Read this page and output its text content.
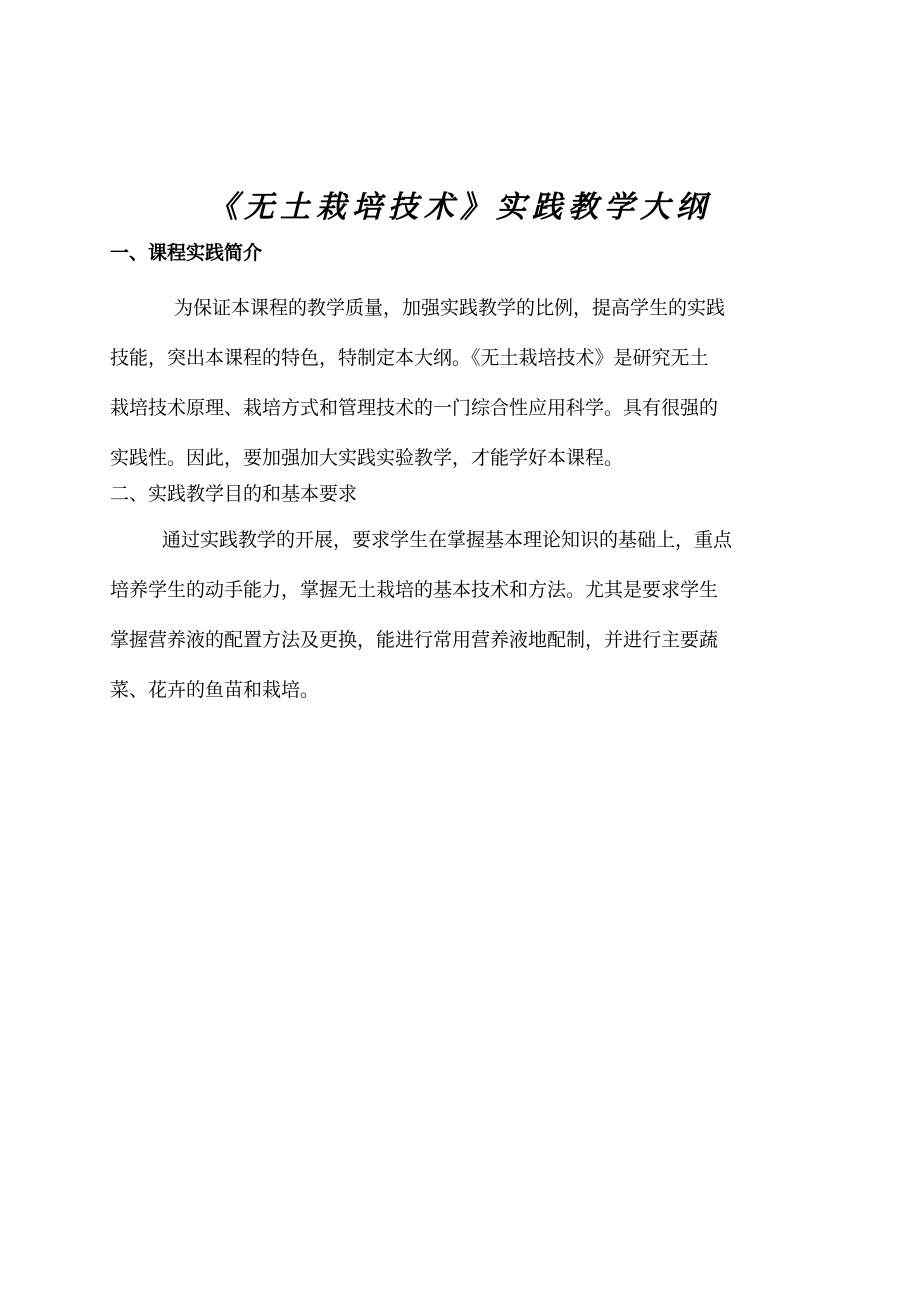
《无土栽培技术》实践教学大纲
一、课程实践简介
为保证本课程的教学质量，加强实践教学的比例，提高学生的实践
技能，突出本课程的特色，特制定本大纲。《无土栽培技术》是研究无土
栽培技术原理、栽培方式和管理技术的一门综合性应用科学。具有很强的
实践性。因此，要加强加大实践实验教学，才能学好本课程。
二、实践教学目的和基本要求
通过实践教学的开展，要求学生在掌握基本理论知识的基础上，重点
培养学生的动手能力，掌握无土栽培的基本技术和方法。尤其是要求学生
掌握营养液的配置方法及更换，能进行常用营养液地配制，并进行主要蔬
菜、花卉的鱼苗和栽培。
